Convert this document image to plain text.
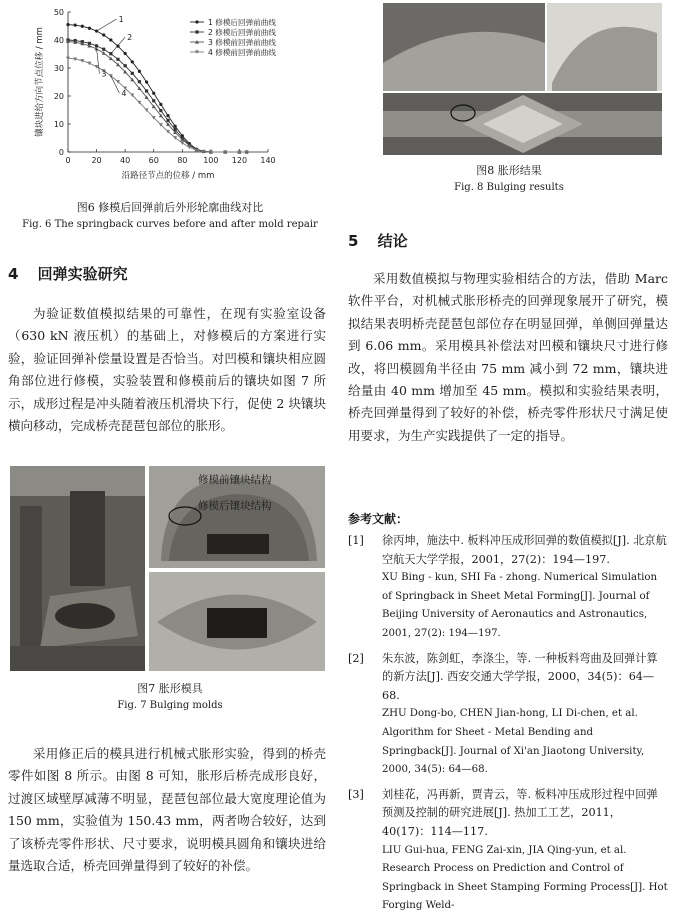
0	20 40 60 80 100 120 140
0
10
20
30
40
50
沿路径节点的位移 / mm
镶块进给方向节点位移 / mm
1
2
3
4
1 修模后回弹前曲线
2 修模后回弹前曲线
3 修模前回弹前曲线
4 修模前回弹前曲线
图6 修模后回弹前后外形轮廓曲线对比
Fig. 6 The springback curves before and after mold repair
4 回弹实验研究
为验证数值模拟结果的可靠性，在现有实验室设备（630 kN 液压机）的基础上，对修模后的方案进行实验，验证回弹补偿量设置是否恰当。对凹模和镶块相应圆角部位进行修模，实验装置和修模前后的镶块如图 7 所示，成形过程是冲头随着液压机滑块下行，促使 2 块镶块横向移动，完成桥壳琵琶包部位的胀形。
修模前镶块结构
修模后镶块结构
图7 胀形模具
Fig. 7 Bulging molds
采用修正后的模具进行机械式胀形实验，得到的桥壳零件如图 8 所示。由图 8 可知，胀形后桥壳成形良好，过渡区域壁厚减薄不明显，琵琶包部位最大宽度理论值为 150 mm，实验值为 150.43 mm，两者吻合较好，达到了该桥壳零件形状、尺寸要求，说明模具圆角和镶块进给量选取合适，桥壳回弹量得到了较好的补偿。
图8 胀形结果
Fig. 8 Bulging results
5 结论
采用数值模拟与物理实验相结合的方法，借助 Marc 软件平台，对机械式胀形桥壳的回弹现象展开了研究，模拟结果表明桥壳琵琶包部位存在明显回弹，单侧回弹量达到 6.06 mm。采用模具补偿法对凹模和镶块尺寸进行修改，将凹模圆角半径由 75 mm 减小到 72 mm，镶块进给量由 40 mm 增加至 45 mm。模拟和实验结果表明，桥壳回弹量得到了较好的补偿，桥壳零件形状尺寸满足使用要求，为生产实践提供了一定的指导。
参考文献：
[1]	徐丙坤，施法中. 板料冲压成形回弹的数值模拟[J]. 北京航空航天大学学报，2001，27(2)：194—197.
XU Bing - kun, SHI Fa - zhong. Numerical Simulation of Springback in Sheet Metal Forming[J]. Journal of Beijing University of Aeronautics and Astronautics, 2001, 27(2): 194—197.
[2]	朱东波，陈剑虹，李涤尘，等. 一种板料弯曲及回弹计算的新方法[J]. 西安交通大学学报，2000，34(5)：64—68.
ZHU Dong-bo, CHEN Jian-hong, LI Di-chen, et al. Algorithm for Sheet - Metal Bending and Springback[J]. Journal of Xi'an Jiaotong University, 2000, 34(5): 64—68.
[3]	刘桂花，冯再新，贾青云，等. 板料冲压成形过程中回弹预测及控制的研究进展[J]. 热加工工艺，2011，40(17)：114—117.
LIU Gui-hua, FENG Zai-xin, JIA Qing-yun, et al. Research Process on Prediction and Control of Springback in Sheet Stamping Forming Process[J]. Hot Forging Weld-
